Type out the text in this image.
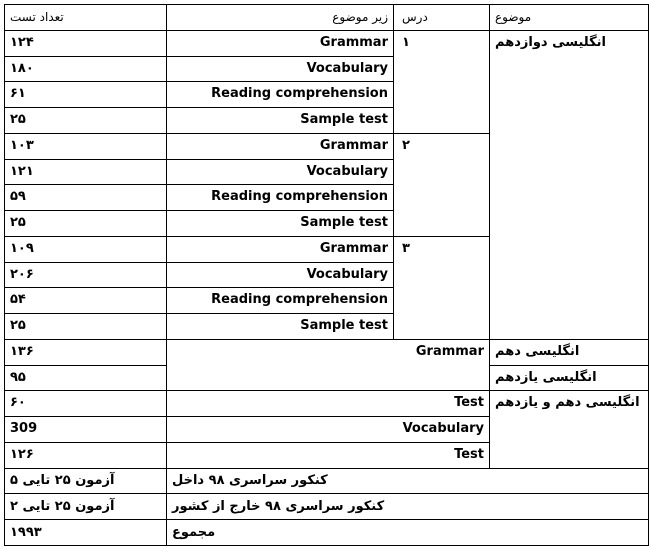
تعداد تست	زیر موضوع	درس	موضوع
۱۲۴	Grammar	۱	انگلیسی دوازدهم
۱۸۰	Vocabulary		
۶۱	Reading comprehension		
۲۵	Sample test		
۱۰۳	Grammar	۲	
۱۲۱	Vocabulary		
۵۹	Reading comprehension		
۲۵	Sample test		
۱۰۹	Grammar	۳	
۲۰۶	Vocabulary		
۵۴	Reading comprehension		
۲۵	Sample test		
۱۳۶	Grammar		انگلیسی دهم
۹۵			انگلیسی یازدهم
۶۰	Test		انگلیسی دهم و یازدهم
309	Vocabulary		
۱۲۶	Test		
۵ آزمون ۲۵ تایی	کنکور سراسری ۹۸ داخل		
۲ آزمون ۲۵ تایی	کنکور سراسری ۹۸ خارج از کشور		
۱۹۹۳	مجموع		
